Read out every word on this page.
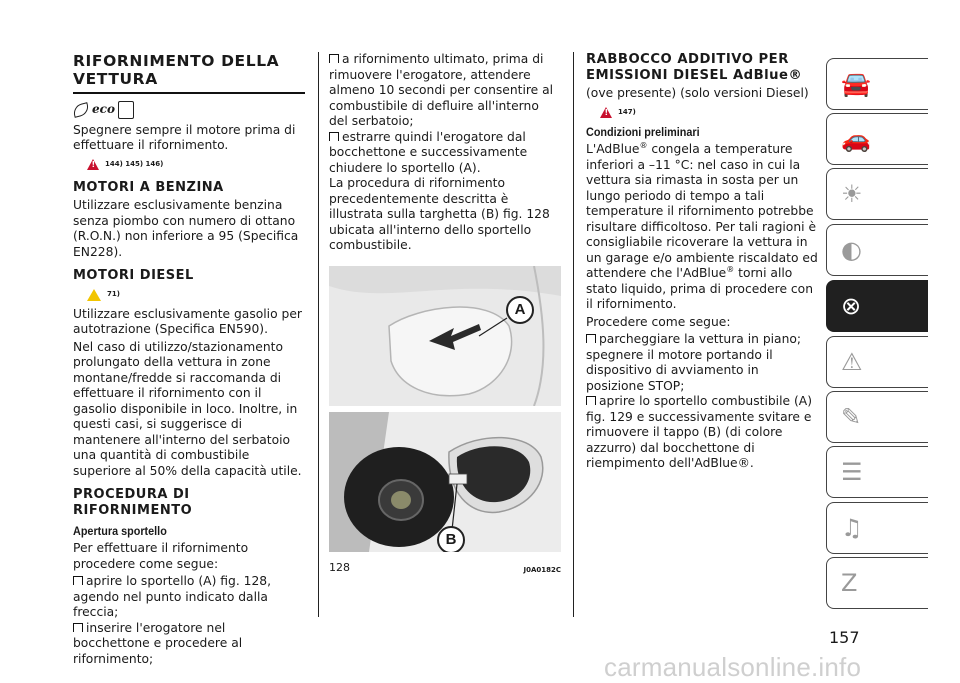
RIFORNIMENTO DELLA
VETTURA
eco

Spegnere sempre il motore prima di effettuare il rifornimento.

!
144) 145) 146)
MOTORI A BENZINA

Utilizzare esclusivamente benzina senza piombo con numero di ottano (R.O.N.) non inferiore a 95 (Specifica EN228).

MOTORI DIESEL
71)

Utilizzare esclusivamente gasolio per autotrazione (Specifica EN590).

Nel caso di utilizzo/stazionamento prolungato della vettura in zone montane/fredde si raccomanda di effettuare il rifornimento con il gasolio disponibile in loco. Inoltre, in questi casi, si suggerisce di mantenere all'interno del serbatoio una quantità di combustibile superiore al 50% della capacità utile.

PROCEDURA DI RIFORNIMENTO
Apertura sportello

Per effettuare il rifornimento procedere come segue:

aprire lo sportello (A) fig. 128, agendo nel punto indicato dalla freccia;

inserire l'erogatore nel bocchettone e procedere al rifornimento;

a rifornimento ultimato, prima di rimuovere l'erogatore, attendere almeno 10 secondi per consentire al combustibile di defluire all'interno del serbatoio;

estrarre quindi l'erogatore dal bocchettone e successivamente chiudere lo sportello (A).

La procedura di rifornimento precedentemente descritta è illustrata sulla targhetta (B) fig. 128 ubicata all'interno dello sportello combustibile.

A
B
128	J0A0182C
RABBOCCO ADDITIVO PER
EMISSIONI DIESEL AdBlue®

(ove presente) (solo versioni Diesel)

!
147)
Condizioni preliminari

L'AdBlue® congela a temperature inferiori a –11 °C: nel caso in cui la vettura sia rimasta in sosta per un lungo periodo di tempo a tali temperature il rifornimento potrebbe risultare difficoltoso. Per tali ragioni è consigliabile ricoverare la vettura in un garage e/o ambiente riscaldato ed attendere che l'AdBlue® torni allo stato liquido, prima di procedere con il rifornimento.

Procedere come segue:

parcheggiare la vettura in piano; spegnere il motore portando il dispositivo di avviamento in posizione STOP;

aprire lo sportello combustibile (A) fig. 129 e successivamente svitare e rimuovere il tappo (B) (di colore azzurro) dal bocchettone di riempimento dell'AdBlue®.

🚘
🚗
☀
◐
⊗
⚠
✎
☰
♫
Z
157
carmanualsonline.info
